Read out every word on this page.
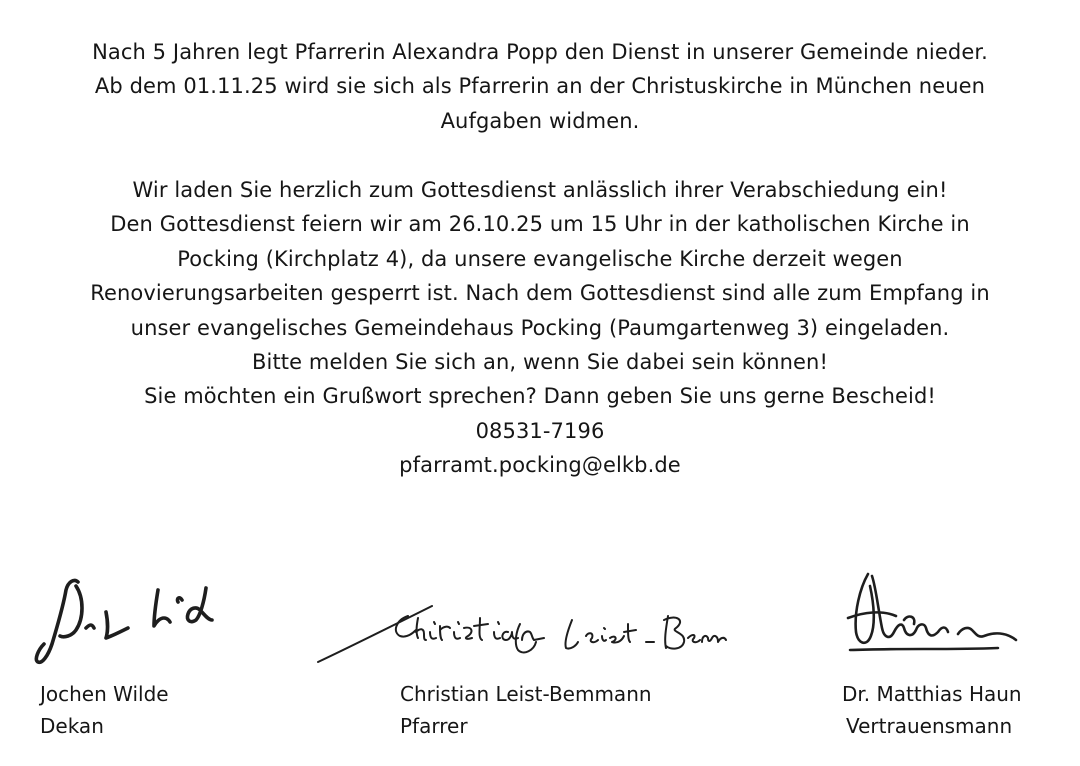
Nach 5 Jahren legt Pfarrerin Alexandra Popp den Dienst in unserer Gemeinde nieder.
Ab dem 01.11.25 wird sie sich als Pfarrerin an der Christuskirche in München neuen
Aufgaben widmen.
Wir laden Sie herzlich zum Gottesdienst anlässlich ihrer Verabschiedung ein!
Den Gottesdienst feiern wir am 26.10.25 um 15 Uhr in der katholischen Kirche in
Pocking (Kirchplatz 4), da unsere evangelische Kirche derzeit wegen
Renovierungsarbeiten gesperrt ist. Nach dem Gottesdienst sind alle zum Empfang in
unser evangelisches Gemeindehaus Pocking (Paumgartenweg 3) eingeladen.
Bitte melden Sie sich an, wenn Sie dabei sein können!
Sie möchten ein Grußwort sprechen? Dann geben Sie uns gerne Bescheid!
08531-7196
pfarramt.pocking@elkb.de
Jochen Wilde
Dekan
Christian Leist-Bemmann
Pfarrer
Dr. Matthias Haun
Vertrauensmann
